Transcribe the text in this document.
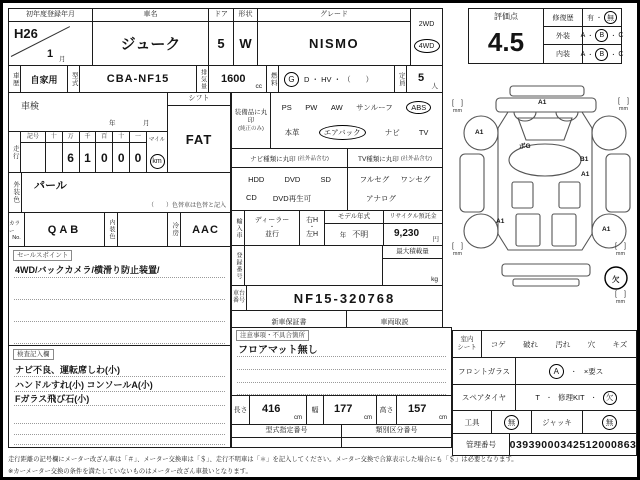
初年度登録年月
H26
1 月
車名
ジューク
ドア
5
形状
W
グレード
NISMO
2WD
4WD
車歴	自家用	型式	CBA-NF15	排気量 1600
cc 燃料	G	D ・ HV ・ （　　）	定員 5
人
車検
年	月
シフト
FAT
走行
記号	十	万
6
千
1
百
0
十
0
一
0
マイル
km
外装色 パール
（　　）色替車は色替と記入
カラー
No.
QAB	内装色	冷房	AAC
セールスポイント
4WD/バックカメラ/横滑り防止装置/
検査記入欄
ナビ不良、運転席しわ(小)
ハンドルすれ(小) コンソールA(小)
Fガラス飛び石(小)
装備品に丸印
(純正のみ)
PS PW AW サンルーフ	ABS
本革	エアバック	ナビ	TV
ナビ種類に丸印 (社外品含む)	TV種類に丸印 (社外品含む)
HDD	DVD	SD
CD DVD再生可
フルセグ ワンセグ
アナログ
輸入車 ディーラー
・
並行
右H
・
左H
モデル年式
年 不明
リサイクル預託金
9,230
円
登録番号	最大積載量
kg
車台番号	NF15-320768
新車保証書	車両取説
注意事項・不具合箇所
フロアマット無し
長さ 416
cm
幅 177
cm
高さ 157
cm
型式指定番号	類別区分番号
評価点
4.5
修復歴 有 ・ 無
外装 A ・ B	・ C
内装 A ・ B	・ C
A1
A1
ボG
B1
A1
A1
A1
欠
[　]
mm
[　]
mm
[　]
mm
[　]
mm
[　]
mm
室内
シート コゲ 破れ 汚れ 穴 キズ
フロントガラス	A	・ ×要ス
スペアタイヤ	T ・ 修理KIT ・	欠
工具	無	ジャッキ	無
管理番号 03939000342512000863
走行距離の記号欄にメーター改ざん車は「＃」、メーター交換車は「＄」、走行不明車は「＊」を記入してください。メーター交換で合算表示した場合にも「＄」は必要となります。
※カーメーター交換の条件を満たしていないものはメーター改ざん車扱いとなります。
